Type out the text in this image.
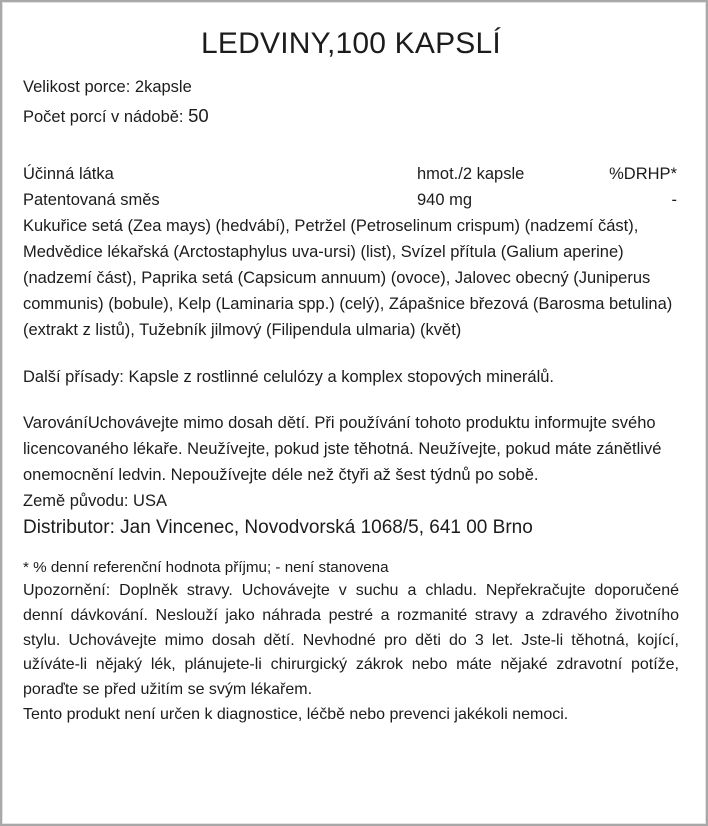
LEDVINY,100 KAPSLÍ
Velikost porce: 2kapsle
Počet porcí v nádobě: 50
Účinná látka	hmot./2 kapsle	%DRHP*
Patentovaná směs	940 mg	-

Kukuřice setá (Zea mays) (hedvábí), Petržel (Petroselinum crispum) (nadzemí část), Medvědice lékařská (Arctostaphylus uva-ursi) (list), Svízel přítula (Galium aperine) (nadzemí část), Paprika setá (Capsicum annuum) (ovoce), Jalovec obecný (Juniperus communis) (bobule), Kelp (Laminaria spp.) (celý), Zápašnice březová (Barosma betulina) (extrakt z listů), Tužebník jilmový (Filipendula ulmaria) (květ)

Další přísady: Kapsle z rostlinné celulózy a komplex stopových minerálů.

VarováníUchovávejte mimo dosah dětí. Při používání tohoto produktu informujte svého licencovaného lékaře. Neužívejte, pokud jste těhotná. Neužívejte, pokud máte zánětlivé onemocnění ledvin. Nepoužívejte déle než čtyři až šest týdnů po sobě.

Země původu: USA

Distributor: Jan Vincenec, Novodvorská 1068/5, 641 00 Brno

* % denní referenční hodnota příjmu; - není stanovena

Upozornění: Doplněk stravy. Uchovávejte v suchu a chladu. Nepřekračujte doporučené denní dávkování. Neslouží jako náhrada pestré a rozmanité stravy a zdravého životního stylu. Uchovávejte mimo dosah dětí. Nevhodné pro děti do 3 let. Jste-li těhotná, kojící, užíváte-li nějaký lék, plánujete-li chirurgický zákrok nebo máte nějaké zdravotní potíže, poraďte se před užitím se svým lékařem.

Tento produkt není určen k diagnostice, léčbě nebo prevenci jakékoli nemoci.
